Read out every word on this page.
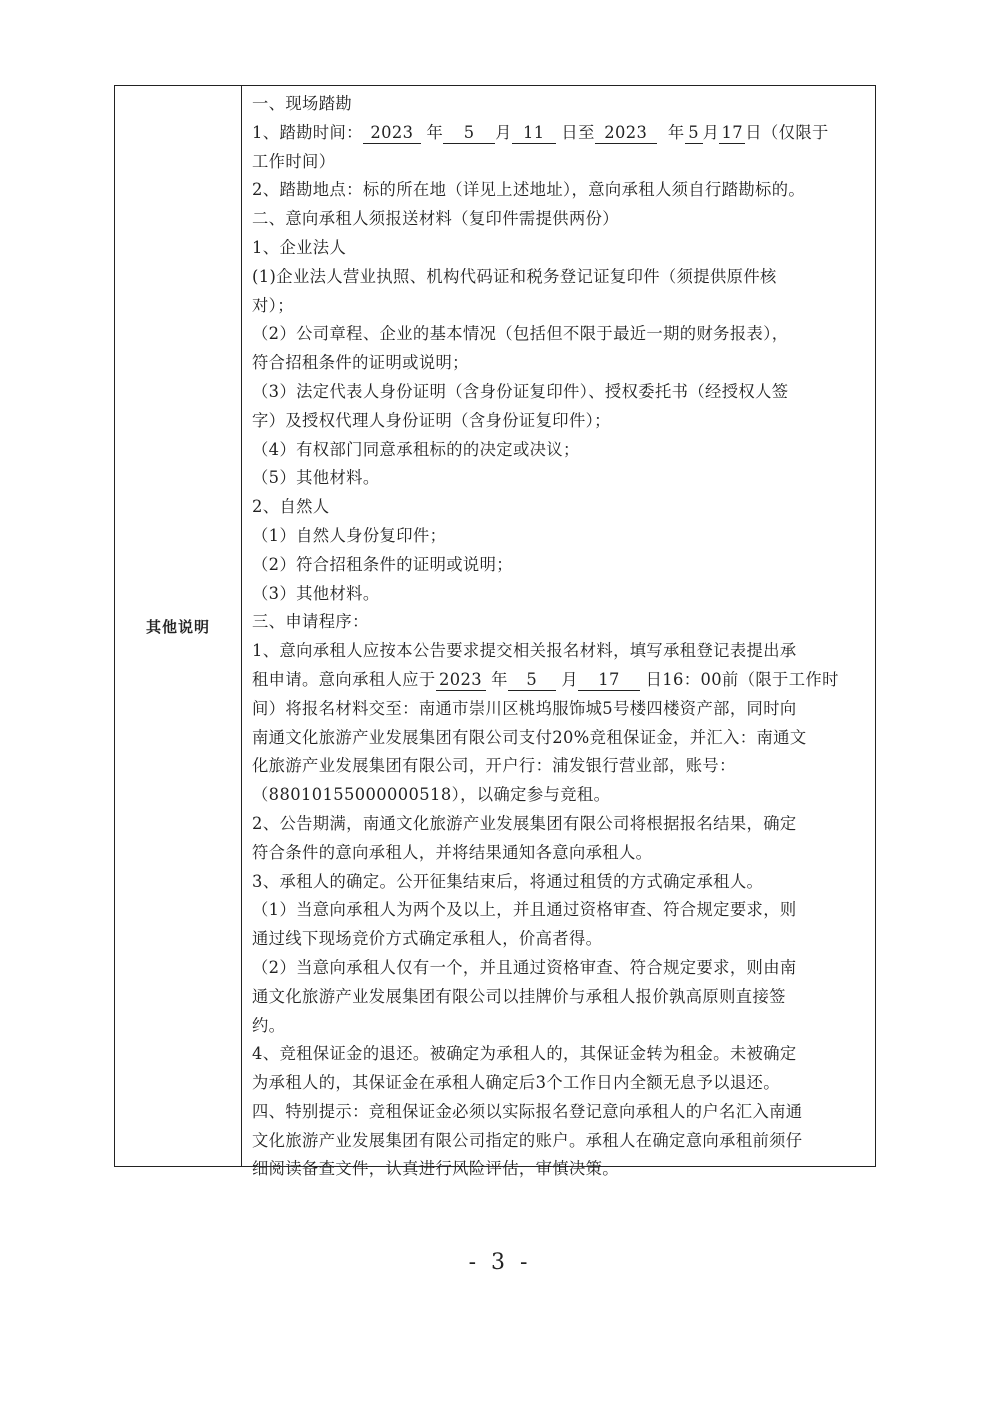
其他说明
一、现场踏勘
1、踏勘时间： 2023 年 5 月 11 日至 2023 年 5 月 17 日（仅限于
工作时间）
2、踏勘地点：标的所在地（详见上述地址），意向承租人须自行踏勘标的。
二、意向承租人须报送材料（复印件需提供两份）
1、企业法人
(1)企业法人营业执照、机构代码证和税务登记证复印件（须提供原件核
对）；
（2）公司章程、企业的基本情况（包括但不限于最近一期的财务报表），
符合招租条件的证明或说明；
（3）法定代表人身份证明（含身份证复印件）、授权委托书（经授权人签
字）及授权代理人身份证明（含身份证复印件）；
（4）有权部门同意承租标的的决定或决议；
（5）其他材料。
2、自然人
（1）自然人身份复印件；
（2）符合招租条件的证明或说明；
（3）其他材料。
三、申请程序：
1、意向承租人应按本公告要求提交相关报名材料，填写承租登记表提出承
租申请。意向承租人应于 2023 年 5 月 17 日16：00前（限于工作时
间）将报名材料交至：南通市崇川区桃坞服饰城5号楼四楼资产部，同时向
南通文化旅游产业发展集团有限公司支付20%竞租保证金，并汇入：南通文
化旅游产业发展集团有限公司，开户行：浦发银行营业部，账号：
（88010155000000518），以确定参与竞租。
2、公告期满，南通文化旅游产业发展集团有限公司将根据报名结果，确定
符合条件的意向承租人，并将结果通知各意向承租人。
3、承租人的确定。公开征集结束后，将通过租赁的方式确定承租人。
（1）当意向承租人为两个及以上，并且通过资格审查、符合规定要求，则
通过线下现场竞价方式确定承租人，价高者得。
（2）当意向承租人仅有一个，并且通过资格审查、符合规定要求，则由南
通文化旅游产业发展集团有限公司以挂牌价与承租人报价孰高原则直接签
约。
4、竞租保证金的退还。被确定为承租人的，其保证金转为租金。未被确定
为承租人的，其保证金在承租人确定后3个工作日内全额无息予以退还。
四、特别提示：竞租保证金必须以实际报名登记意向承租人的户名汇入南通
文化旅游产业发展集团有限公司指定的账户。承租人在确定意向承租前须仔
细阅读备查文件，认真进行风险评估，审慎决策。
- 3 -
